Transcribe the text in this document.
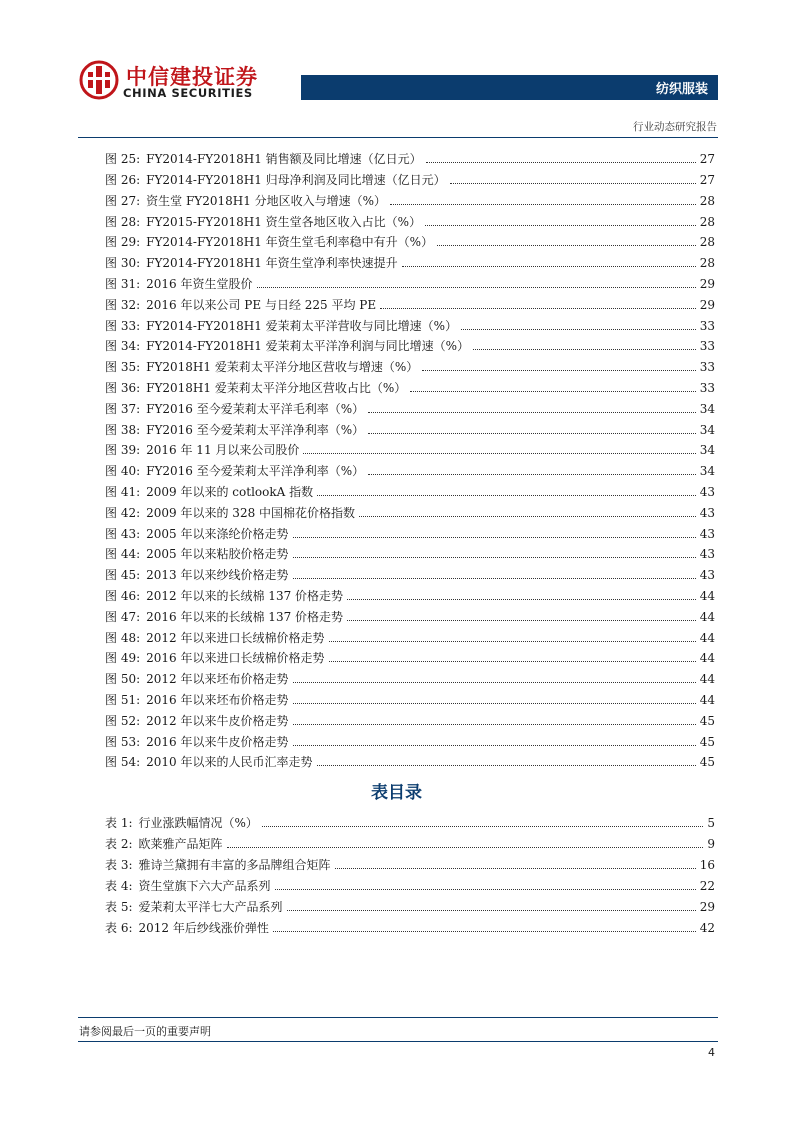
中信建投证券
CHINA SECURITIES	纺织服装
行业动态研究报告
图 25: FY2014-FY2018H1 销售额及同比增速（亿日元）	27
图 26: FY2014-FY2018H1 归母净利润及同比增速（亿日元）	27
图 27: 资生堂 FY2018H1 分地区收入与增速（%）	28
图 28: FY2015-FY2018H1 资生堂各地区收入占比（%）	28
图 29: FY2014-FY2018H1 年资生堂毛利率稳中有升（%）	28
图 30: FY2014-FY2018H1 年资生堂净利率快速提升	28
图 31: 2016 年资生堂股价	29
图 32: 2016 年以来公司 PE 与日经 225 平均 PE	29
图 33: FY2014-FY2018H1 爱茉莉太平洋营收与同比增速（%）	33
图 34: FY2014-FY2018H1 爱茉莉太平洋净利润与同比增速（%）	33
图 35: FY2018H1 爱茉莉太平洋分地区营收与增速（%）	33
图 36: FY2018H1 爱茉莉太平洋分地区营收占比（%）	33
图 37: FY2016 至今爱茉莉太平洋毛利率（%）	34
图 38: FY2016 至今爱茉莉太平洋净利率（%）	34
图 39: 2016 年 11 月以来公司股价	34
图 40: FY2016 至今爱茉莉太平洋净利率（%）	34
图 41: 2009 年以来的 cotlookA 指数	43
图 42: 2009 年以来的 328 中国棉花价格指数	43
图 43: 2005 年以来涤纶价格走势	43
图 44: 2005 年以来粘胶价格走势	43
图 45: 2013 年以来纱线价格走势	43
图 46: 2012 年以来的长绒棉 137 价格走势	44
图 47: 2016 年以来的长绒棉 137 价格走势	44
图 48: 2012 年以来进口长绒棉价格走势	44
图 49: 2016 年以来进口长绒棉价格走势	44
图 50: 2012 年以来坯布价格走势	44
图 51: 2016 年以来坯布价格走势	44
图 52: 2012 年以来牛皮价格走势	45
图 53: 2016 年以来牛皮价格走势	45
图 54: 2010 年以来的人民币汇率走势	45
表目录
表 1: 行业涨跌幅情况（%）	5
表 2: 欧莱雅产品矩阵	9
表 3: 雅诗兰黛拥有丰富的多品牌组合矩阵	16
表 4: 资生堂旗下六大产品系列	22
表 5: 爱茉莉太平洋七大产品系列	29
表 6: 2012 年后纱线涨价弹性	42
请参阅最后一页的重要声明
4
